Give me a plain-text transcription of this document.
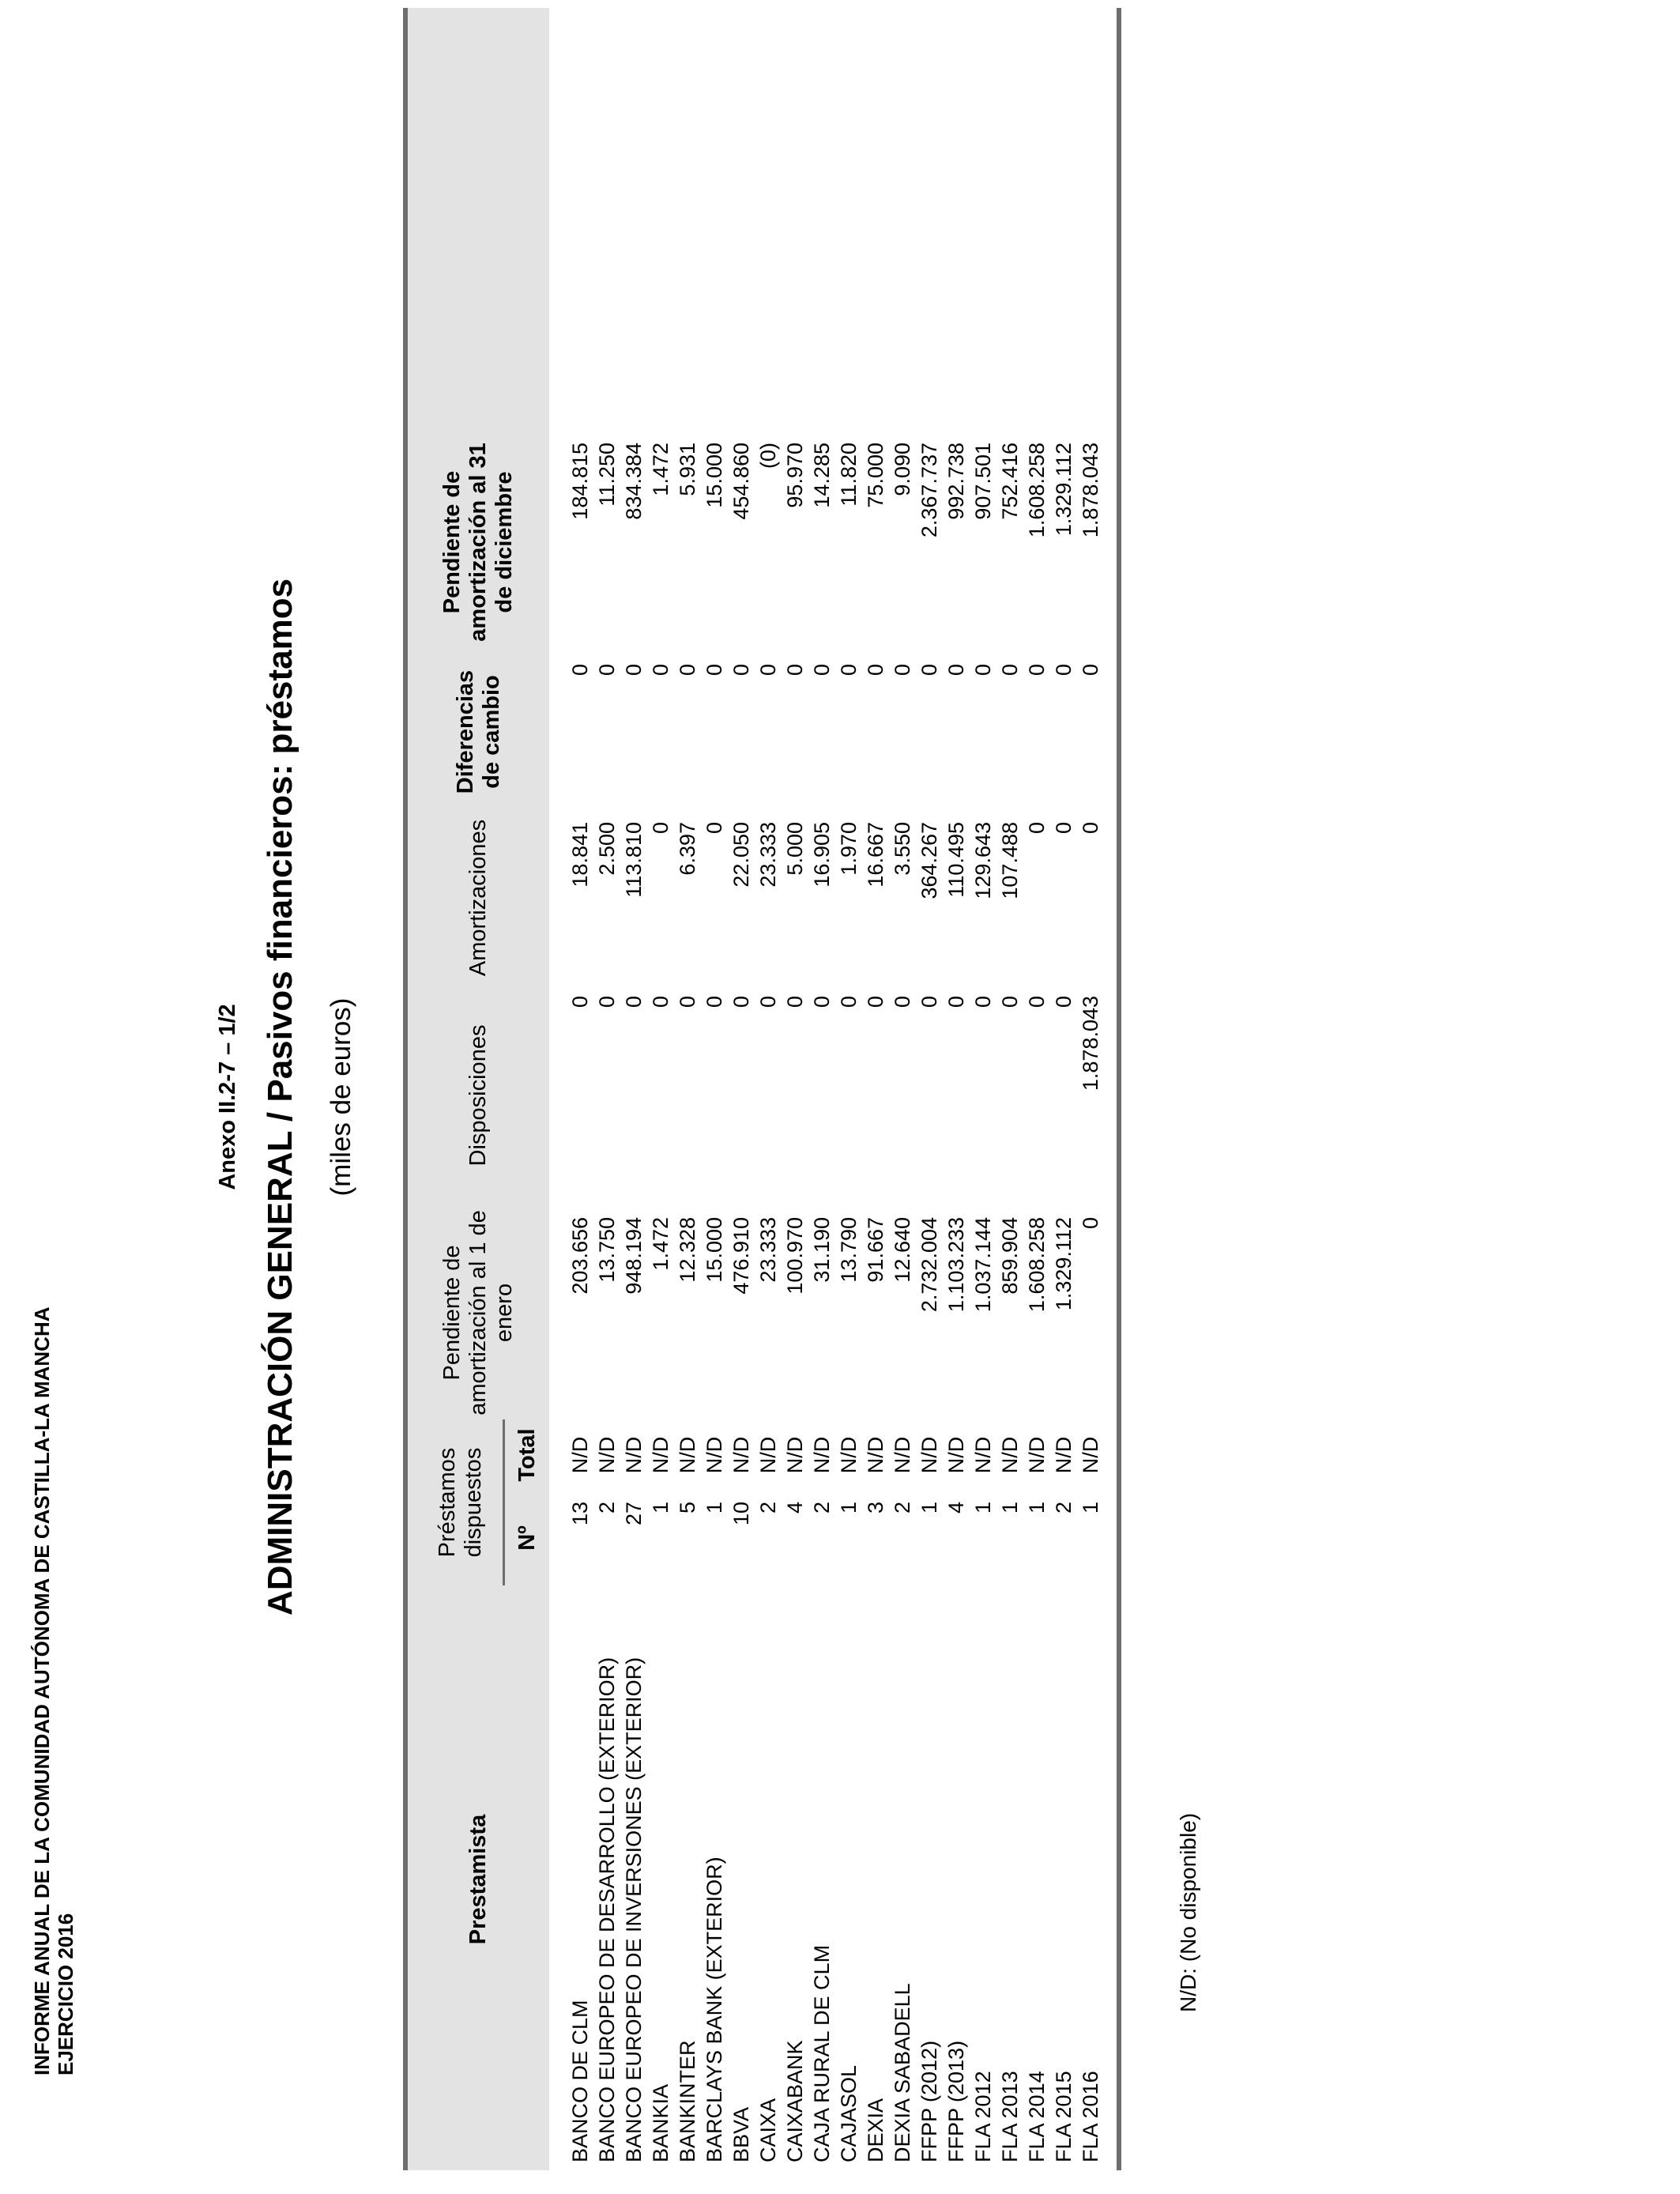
INFORME ANUAL DE LA COMUNIDAD AUTÓNOMA DE CASTILLA-LA MANCHA EJERCICIO 2016
Anexo II.2-7 – 1/2 ADMINISTRACIÓN GENERAL / Pasivos financieros: préstamos (miles de euros)
Prestamista	Préstamos dispuestos		Pendiente de amortización al 1 de enero	Disposiciones	Amortizaciones	Diferencias de cambio	Pendiente de amortización al 31 de diciembre	
	Nº	Total						
BANCO DE CLM	13	N/D	203.656	0	18.841	0	184.815	
BANCO EUROPEO DE DESARROLLO (EXTERIOR)	2	N/D	13.750	0	2.500	0	11.250	
BANCO EUROPEO DE INVERSIONES (EXTERIOR)	27	N/D	948.194	0	113.810	0	834.384	
BANKIA	1	N/D	1.472	0	0	0	1.472	
BANKINTER	5	N/D	12.328	0	6.397	0	5.931	
BARCLAYS BANK (EXTERIOR)	1	N/D	15.000	0	0	0	15.000	
BBVA	10	N/D	476.910	0	22.050	0	454.860	
CAIXA	2	N/D	23.333	0	23.333	0	(0)	
CAIXABANK	4	N/D	100.970	0	5.000	0	95.970	
CAJA RURAL DE CLM	2	N/D	31.190	0	16.905	0	14.285	
CAJASOL	1	N/D	13.790	0	1.970	0	11.820	
DEXIA	3	N/D	91.667	0	16.667	0	75.000	
DEXIA SABADELL	2	N/D	12.640	0	3.550	0	9.090	
FFPP (2012)	1	N/D	2.732.004	0	364.267	0	2.367.737	
FFPP (2013)	4	N/D	1.103.233	0	110.495	0	992.738	
FLA 2012	1	N/D	1.037.144	0	129.643	0	907.501	
FLA 2013	1	N/D	859.904	0	107.488	0	752.416	
FLA 2014	1	N/D	1.608.258	0	0	0	1.608.258	
FLA 2015	2	N/D	1.329.112	0	0	0	1.329.112	
FLA 2016	1	N/D	0	1.878.043	0	0	1.878.043	
N/D: (No disponible)
